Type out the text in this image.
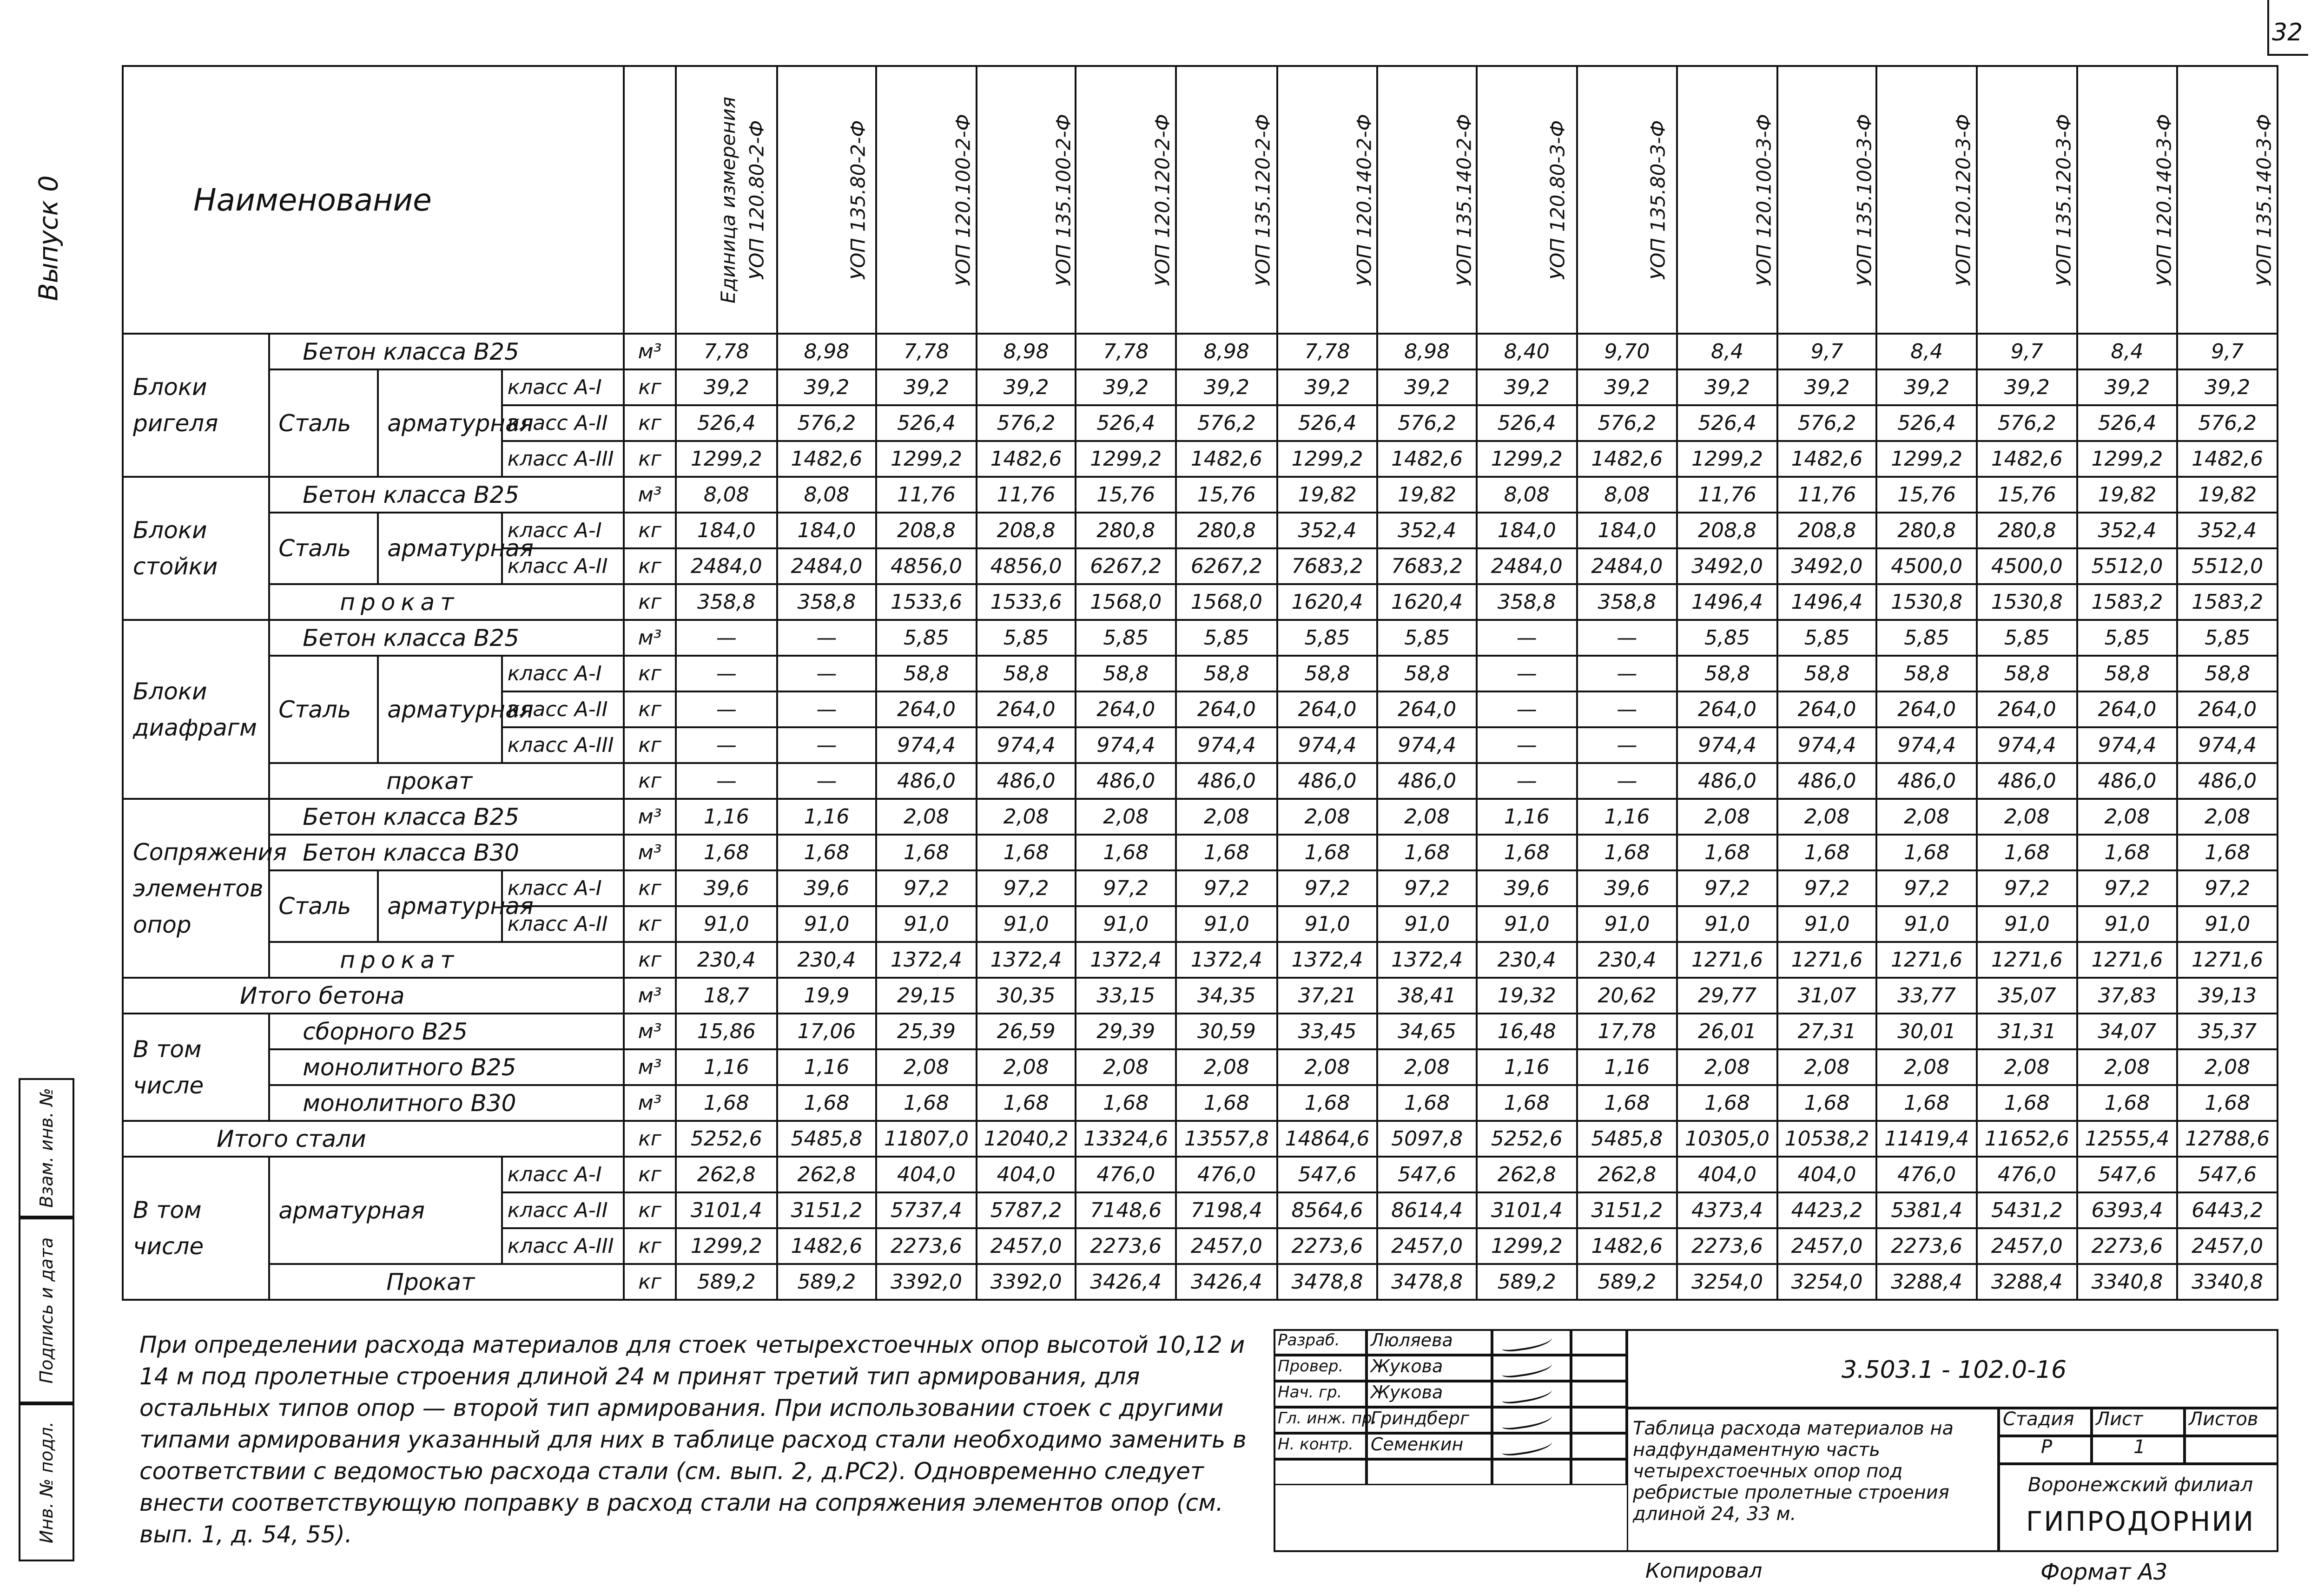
32
Выпуск 0
Взам. инв. №
Подпись и дата
Инв. № подл.
Наименование				Единица измерения	УОП 120.80-2-Ф	УОП 135.80-2-Ф	УОП 120.100-2-Ф	УОП 135.100-2-Ф	УОП 120.120-2-Ф	УОП 135.120-2-Ф	УОП 120.140-2-Ф	УОП 135.140-2-Ф	УОП 120.80-3-Ф	УОП 135.80-3-Ф	УОП 120.100-3-Ф	УОП 135.100-3-Ф	УОП 120.120-3-Ф	УОП 135.120-3-Ф	УОП 120.140-3-Ф	УОП 135.140-3-Ф
Блоки ригеля	Бетон класса B25			м³	7,78	8,98	7,78	8,98	7,78	8,98	7,78	8,98	8,40	9,70	8,4	9,7	8,4	9,7	8,4	9,7
	Сталь	арматурная	класс А-I	кг	39,2	39,2	39,2	39,2	39,2	39,2	39,2	39,2	39,2	39,2	39,2	39,2	39,2	39,2	39,2	39,2
			класс А-II	кг	526,4	576,2	526,4	576,2	526,4	576,2	526,4	576,2	526,4	576,2	526,4	576,2	526,4	576,2	526,4	576,2
			класс А-III	кг	1299,2	1482,6	1299,2	1482,6	1299,2	1482,6	1299,2	1482,6	1299,2	1482,6	1299,2	1482,6	1299,2	1482,6	1299,2	1482,6
Блоки стойки	Бетон класса B25			м³	8,08	8,08	11,76	11,76	15,76	15,76	19,82	19,82	8,08	8,08	11,76	11,76	15,76	15,76	19,82	19,82
	Сталь	арматурная	класс А-I	кг	184,0	184,0	208,8	208,8	280,8	280,8	352,4	352,4	184,0	184,0	208,8	208,8	280,8	280,8	352,4	352,4
			класс А-II	кг	2484,0	2484,0	4856,0	4856,0	6267,2	6267,2	7683,2	7683,2	2484,0	2484,0	3492,0	3492,0	4500,0	4500,0	5512,0	5512,0
	прокат			кг	358,8	358,8	1533,6	1533,6	1568,0	1568,0	1620,4	1620,4	358,8	358,8	1496,4	1496,4	1530,8	1530,8	1583,2	1583,2
Блоки диафрагм	Бетон класса B25			м³	—	—	5,85	5,85	5,85	5,85	5,85	5,85	—	—	5,85	5,85	5,85	5,85	5,85	5,85
	Сталь	арматурная	класс А-I	кг	—	—	58,8	58,8	58,8	58,8	58,8	58,8	—	—	58,8	58,8	58,8	58,8	58,8	58,8
			класс А-II	кг	—	—	264,0	264,0	264,0	264,0	264,0	264,0	—	—	264,0	264,0	264,0	264,0	264,0	264,0
			класс А-III	кг	—	—	974,4	974,4	974,4	974,4	974,4	974,4	—	—	974,4	974,4	974,4	974,4	974,4	974,4
	прокат			кг	—	—	486,0	486,0	486,0	486,0	486,0	486,0	—	—	486,0	486,0	486,0	486,0	486,0	486,0
Сопряжения элементов опор	Бетон класса B25			м³	1,16	1,16	2,08	2,08	2,08	2,08	2,08	2,08	1,16	1,16	2,08	2,08	2,08	2,08	2,08	2,08
	Бетон класса B30			м³	1,68	1,68	1,68	1,68	1,68	1,68	1,68	1,68	1,68	1,68	1,68	1,68	1,68	1,68	1,68	1,68
	Сталь	арматурная	класс А-I	кг	39,6	39,6	97,2	97,2	97,2	97,2	97,2	97,2	39,6	39,6	97,2	97,2	97,2	97,2	97,2	97,2
			класс А-II	кг	91,0	91,0	91,0	91,0	91,0	91,0	91,0	91,0	91,0	91,0	91,0	91,0	91,0	91,0	91,0	91,0
	прокат			кг	230,4	230,4	1372,4	1372,4	1372,4	1372,4	1372,4	1372,4	230,4	230,4	1271,6	1271,6	1271,6	1271,6	1271,6	1271,6
Итого бетона				м³	18,7	19,9	29,15	30,35	33,15	34,35	37,21	38,41	19,32	20,62	29,77	31,07	33,77	35,07	37,83	39,13
В том числе	сборного B25			м³	15,86	17,06	25,39	26,59	29,39	30,59	33,45	34,65	16,48	17,78	26,01	27,31	30,01	31,31	34,07	35,37
	монолитного B25			м³	1,16	1,16	2,08	2,08	2,08	2,08	2,08	2,08	1,16	1,16	2,08	2,08	2,08	2,08	2,08	2,08
	монолитного B30			м³	1,68	1,68	1,68	1,68	1,68	1,68	1,68	1,68	1,68	1,68	1,68	1,68	1,68	1,68	1,68	1,68
Итого стали				кг	5252,6	5485,8	11807,0	12040,2	13324,6	13557,8	14864,6	5097,8	5252,6	5485,8	10305,0	10538,2	11419,4	11652,6	12555,4	12788,6
В том числе	арматурная		класс А-I	кг	262,8	262,8	404,0	404,0	476,0	476,0	547,6	547,6	262,8	262,8	404,0	404,0	476,0	476,0	547,6	547,6
			класс А-II	кг	3101,4	3151,2	5737,4	5787,2	7148,6	7198,4	8564,6	8614,4	3101,4	3151,2	4373,4	4423,2	5381,4	5431,2	6393,4	6443,2
			класс А-III	кг	1299,2	1482,6	2273,6	2457,0	2273,6	2457,0	2273,6	2457,0	1299,2	1482,6	2273,6	2457,0	2273,6	2457,0	2273,6	2457,0
	Прокат			кг	589,2	589,2	3392,0	3392,0	3426,4	3426,4	3478,8	3478,8	589,2	589,2	3254,0	3254,0	3288,4	3288,4	3340,8	3340,8
При определении расхода материалов для стоек четырехстоечных опор высотой 10,12 и 14 м под пролетные строения длиной 24 м принят третий тип армирования, для остальных типов опор — второй тип армирования. При использовании стоек с другими типами армирования указанный для них в таблице расход стали необходимо заменить в соответствии с ведомостью расхода стали (см. вып. 2, д.РС2). Одновременно следует внести соответствующую поправку в расход стали на сопряжения элементов опор (см. вып. 1, д. 54, 55).
Разраб.	Люляева
Провер.	Жукова
Нач. гр.	Жукова
Гл. инж. пр.
Гриндберг
Н. контр. Семенкин
3.503.1 - 102.0-16
Таблица расхода материалов на надфундаментную часть четырехстоечных опор под ребристые пролетные строения длиной 24, 33 м.
Стадия	Лист	Листов
Р	1
Воронежский филиал
ГИПРОДОРНИИ
Копировал	Формат А3
